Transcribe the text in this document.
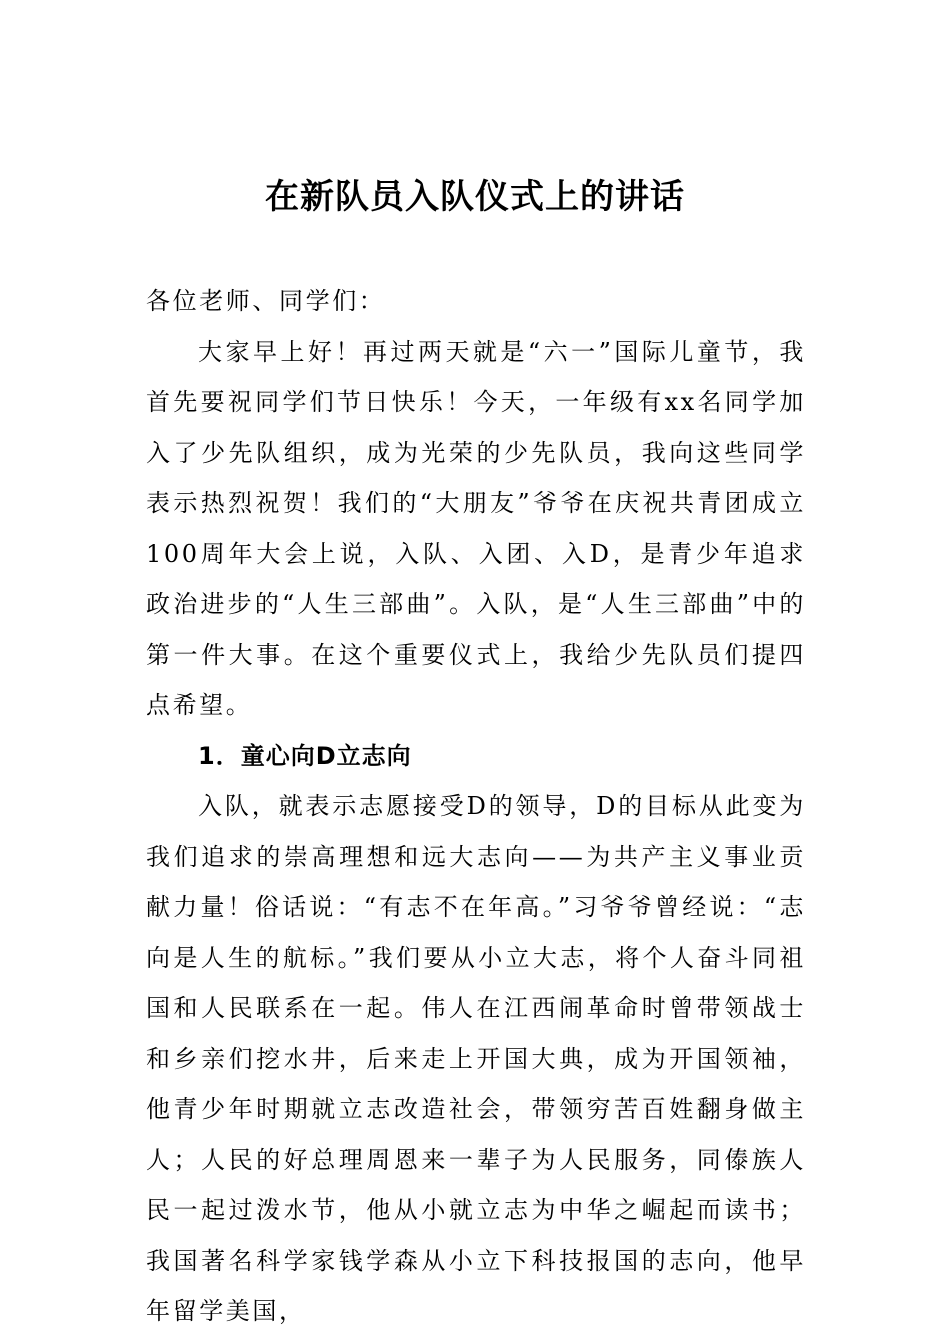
在新队员入队仪式上的讲话

各位老师、同学们：

大家早上好！再过两天就是“六一”国际儿童节，我首先要祝同学们节日快乐！今天，一年级有xx名同学加入了少先队组织，成为光荣的少先队员，我向这些同学表示热烈祝贺！我们的“大朋友”爷爷在庆祝共青团成立100周年大会上说，入队、入团、入D，是青少年追求政治进步的“人生三部曲”。入队，是“人生三部曲”中的第一件大事。在这个重要仪式上，我给少先队员们提四点希望。

1．童心向D立志向

入队，就表示志愿接受D的领导，D的目标从此变为我们追求的崇高理想和远大志向——为共产主义事业贡献力量！俗话说：“有志不在年高。”习爷爷曾经说：“志向是人生的航标。”我们要从小立大志，将个人奋斗同祖国和人民联系在一起。伟人在江西闹革命时曾带领战士和乡亲们挖水井，后来走上开国大典，成为开国领袖，他青少年时期就立志改造社会，带领穷苦百姓翻身做主人；人民的好总理周恩来一辈子为人民服务，同傣族人民一起过泼水节，他从小就立志为中华之崛起而读书；我国著名科学家钱学森从小立下科技报国的志向，他早年留学美国，
